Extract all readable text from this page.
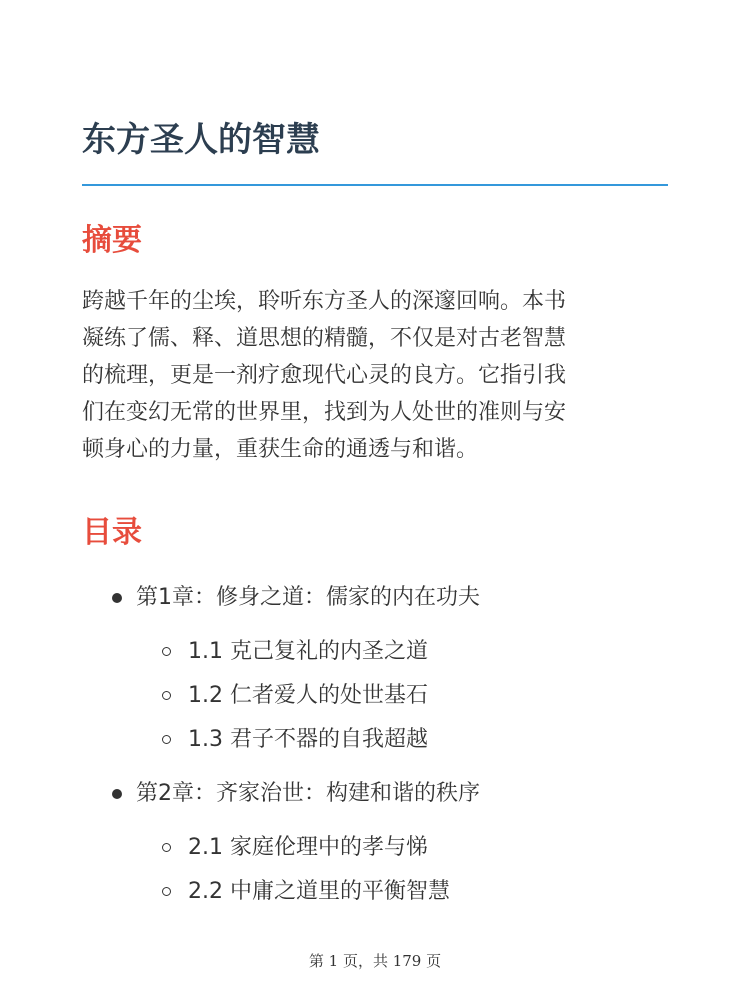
东方圣人的智慧
摘要

跨越千年的尘埃，聆听东方圣人的深邃回响。本书
凝练了儒、释、道思想的精髓，不仅是对古老智慧
的梳理，更是一剂疗愈现代心灵的良方。它指引我
们在变幻无常的世界里，找到为人处世的准则与安
顿身心的力量，重获生命的通透与和谐。

目录
第1章：修身之道：儒家的内在功夫
1.1 克己复礼的内圣之道
1.2 仁者爱人的处世基石
1.3 君子不器的自我超越
第2章：齐家治世：构建和谐的秩序
2.1 家庭伦理中的孝与悌
2.2 中庸之道里的平衡智慧
第 1 页，共 179 页
